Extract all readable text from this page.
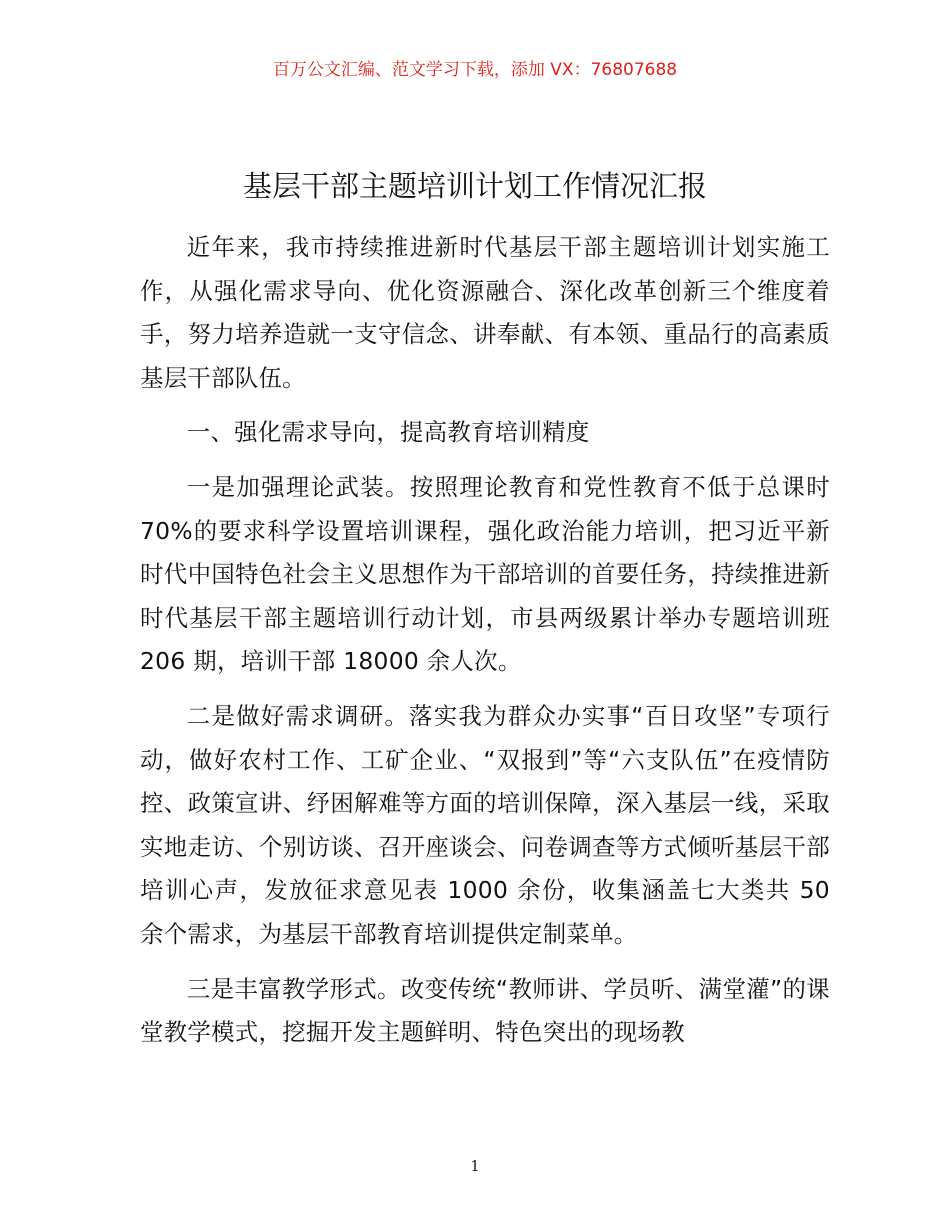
百万公文汇编、范文学习下载，添加 VX：76807688
基层干部主题培训计划工作情况汇报

近年来，我市持续推进新时代基层干部主题培训计划实施工作，从强化需求导向、优化资源融合、深化改革创新三个维度着手，努力培养造就一支守信念、讲奉献、有本领、重品行的高素质基层干部队伍。

一、强化需求导向，提高教育培训精度

一是加强理论武装。按照理论教育和党性教育不低于总课时 70%的要求科学设置培训课程，强化政治能力培训，把习近平新时代中国特色社会主义思想作为干部培训的首要任务，持续推进新时代基层干部主题培训行动计划，市县两级累计举办专题培训班 206 期，培训干部 18000 余人次。

二是做好需求调研。落实我为群众办实事“百日攻坚”专项行动，做好农村工作、工矿企业、“双报到”等“六支队伍”在疫情防控、政策宣讲、纾困解难等方面的培训保障，深入基层一线，采取实地走访、个别访谈、召开座谈会、问卷调查等方式倾听基层干部培训心声，发放征求意见表 1000 余份，收集涵盖七大类共 50 余个需求，为基层干部教育培训提供定制菜单。

三是丰富教学形式。改变传统“教师讲、学员听、满堂灌”的课堂教学模式，挖掘开发主题鲜明、特色突出的现场教

1
